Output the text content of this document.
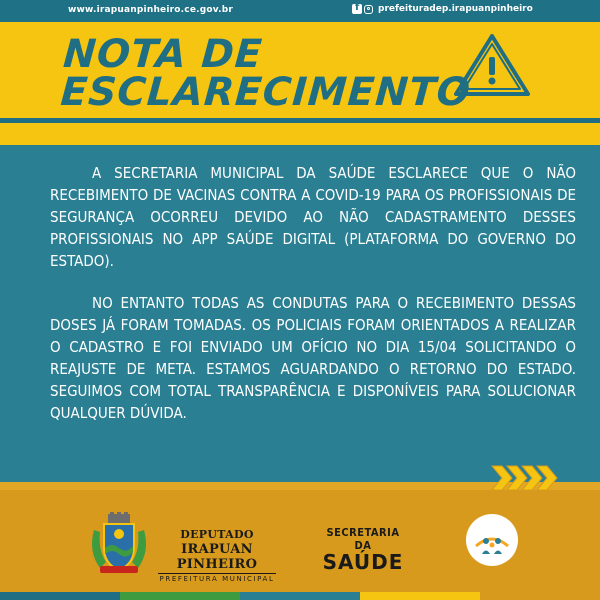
www.irapuanpinheiro.ce.gov.br
f	prefeituradep.irapuanpinheiro
NOTA DE
ESCLARECIMENTO

A SECRETARIA MUNICIPAL DA SAÚDE ESCLARECE QUE O NÃO RECEBIMENTO DE VACINAS CONTRA A COVID-19 PARA OS PROFISSIONAIS DE SEGURANÇA OCORREU DEVIDO AO NÃO CADASTRAMENTO DESSES PROFISSIONAIS NO APP SAÚDE DIGITAL (PLATAFORMA DO GOVERNO DO ESTADO).

NO ENTANTO TODAS AS CONDUTAS PARA O RECEBIMENTO DESSAS DOSES JÁ FORAM TOMADAS. OS POLICIAIS FORAM ORIENTADOS A REALIZAR O CADASTRO E FOI ENVIADO UM OFÍCIO NO DIA 15/04 SOLICITANDO O REAJUSTE DE META. ESTAMOS AGUARDANDO O RETORNO DO ESTADO. SEGUIMOS COM TOTAL TRANSPARÊNCIA E DISPONÍVEIS PARA SOLUCIONAR QUALQUER DÚVIDA.

DEPUTADO
IRAPUAN PINHEIRO
PREFEITURA MUNICIPAL
SECRETARIA DA
SAÚDE
